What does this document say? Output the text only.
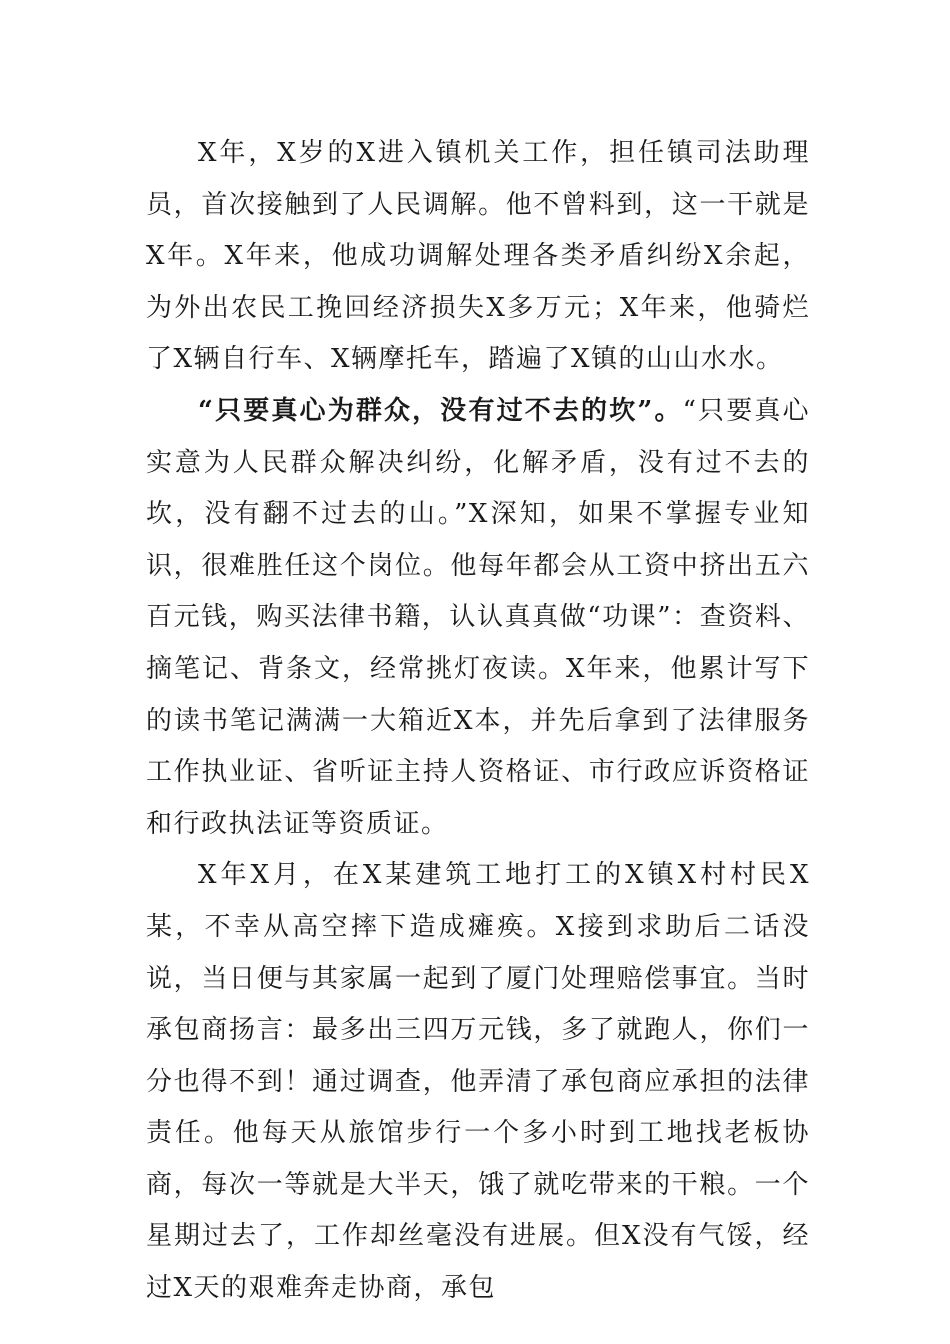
X年，X岁的X进入镇机关工作，担任镇司法助理员，首次接触到了人民调解。他不曾料到，这一干就是X年。X年来，他成功调解处理各类矛盾纠纷X余起，为外出农民工挽回经济损失X多万元；X年来，他骑烂了X辆自行车、X辆摩托车，踏遍了X镇的山山水水。

“只要真心为群众，没有过不去的坎”。“只要真心实意为人民群众解决纠纷，化解矛盾，没有过不去的坎，没有翻不过去的山。”X深知，如果不掌握专业知识，很难胜任这个岗位。他每年都会从工资中挤出五六百元钱，购买法律书籍，认认真真做“功课”：查资料、摘笔记、背条文，经常挑灯夜读。X年来，他累计写下的读书笔记满满一大箱近X本，并先后拿到了法律服务工作执业证、省听证主持人资格证、市行政应诉资格证和行政执法证等资质证。

X年X月，在X某建筑工地打工的X镇X村村民X某，不幸从高空摔下造成瘫痪。X接到求助后二话没说，当日便与其家属一起到了厦门处理赔偿事宜。当时承包商扬言：最多出三四万元钱，多了就跑人，你们一分也得不到！通过调查，他弄清了承包商应承担的法律责任。他每天从旅馆步行一个多小时到工地找老板协商，每次一等就是大半天，饿了就吃带来的干粮。一个星期过去了，工作却丝毫没有进展。但X没有气馁，经过X天的艰难奔走协商，承包
